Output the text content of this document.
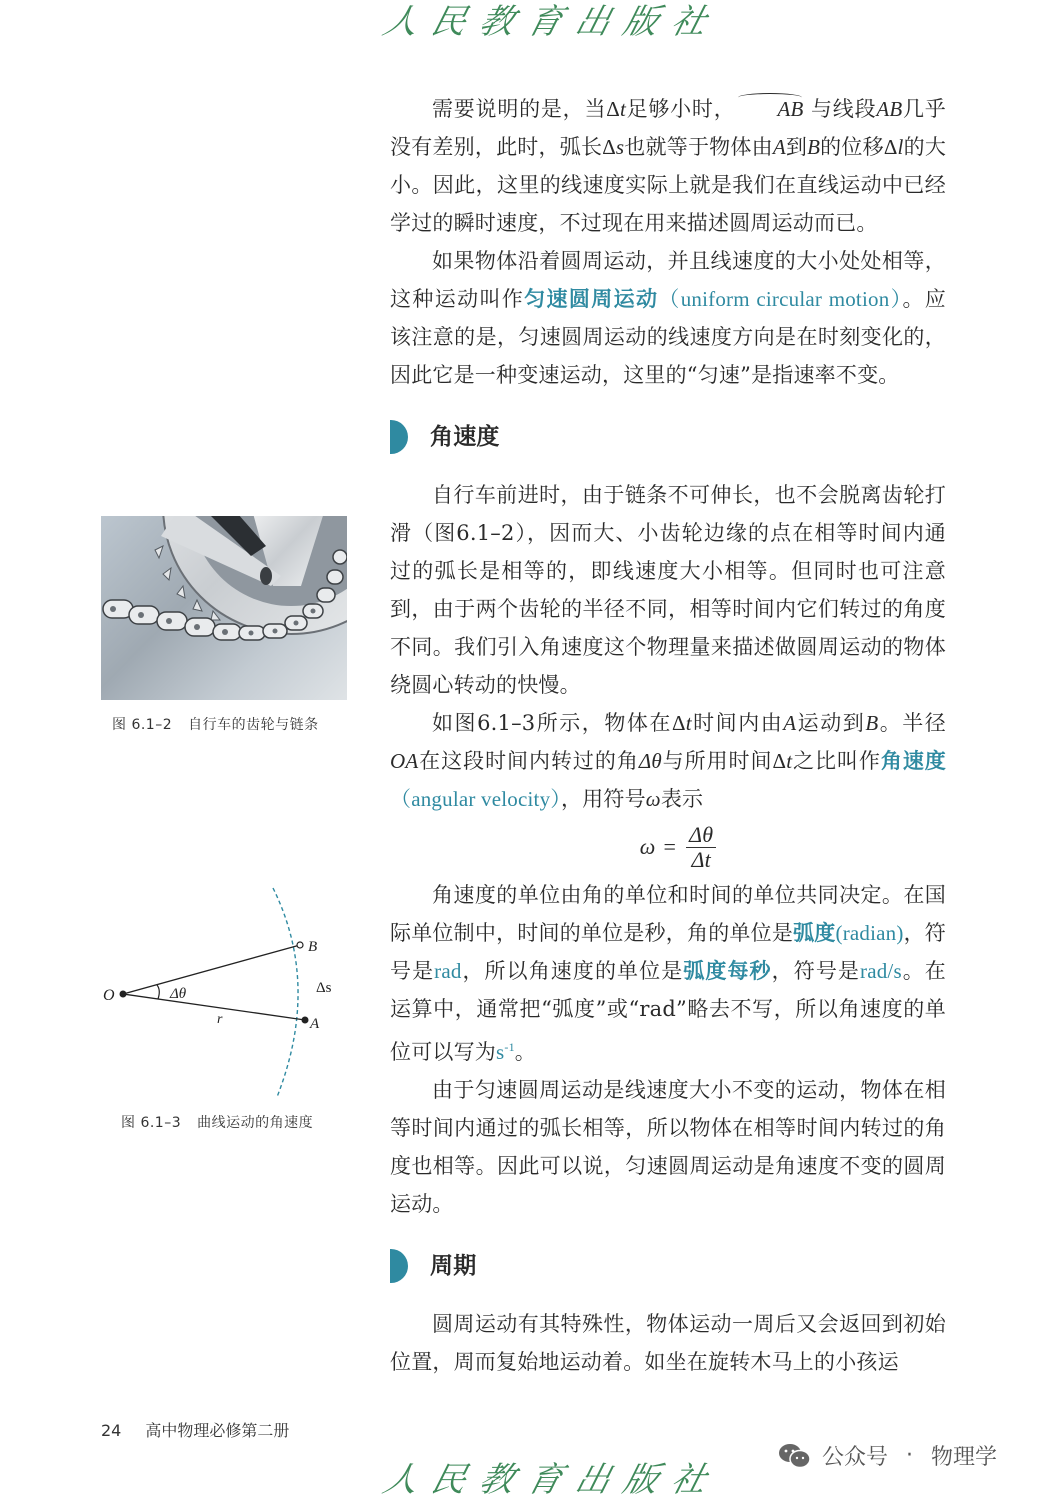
人民教育出版社

需要说明的是，当Δt足够小时， AB 与线段AB几乎没有差别，此时，弧长Δs也就等于物体由A到B的位移Δl的大小。因此，这里的线速度实际上就是我们在直线运动中已经学过的瞬时速度，不过现在用来描述圆周运动而已。

如果物体沿着圆周运动，并且线速度的大小处处相等，这种运动叫作匀速圆周运动（uniform circular motion）。应该注意的是，匀速圆周运动的线速度方向是在时刻变化的，因此它是一种变速运动，这里的“匀速”是指速率不变。

角速度

自行车前进时，由于链条不可伸长，也不会脱离齿轮打滑（图6.1–2），因而大、小齿轮边缘的点在相等时间内通过的弧长是相等的，即线速度大小相等。但同时也可注意到，由于两个齿轮的半径不同，相等时间内它们转过的角度不同。我们引入角速度这个物理量来描述做圆周运动的物体绕圆心转动的快慢。

如图6.1–3所示，物体在Δt时间内由A运动到B。半径OA在这段时间内转过的角Δθ与所用时间Δt之比叫作角速度（angular velocity），用符号ω表示

$\omega = \frac{\Delta\theta}{\Delta t}$

角速度的单位由角的单位和时间的单位共同决定。在国际单位制中，时间的单位是秒，角的单位是弧度(radian)，符号是rad，所以角速度的单位是弧度每秒，符号是rad/s。在运算中，通常把“弧度”或“rad”略去不写，所以角速度的单位可以写为$s^{-1}$。

由于匀速圆周运动是线速度大小不变的运动，物体在相等时间内通过的弧长相等，所以物体在相等时间内转过的角度也相等。因此可以说，匀速圆周运动是角速度不变的圆周运动。

周期

圆周运动有其特殊性，物体运动一周后又会返回到初始位置，周而复始地运动着。如坐在旋转木马上的小孩运

图 6.1–2 自行车的齿轮与链条
O
B
A
r
Δθ	Δs
图 6.1–3 曲线运动的角速度
24 高中物理必修第二册
公众号 · 物理学
人民教育出版社
